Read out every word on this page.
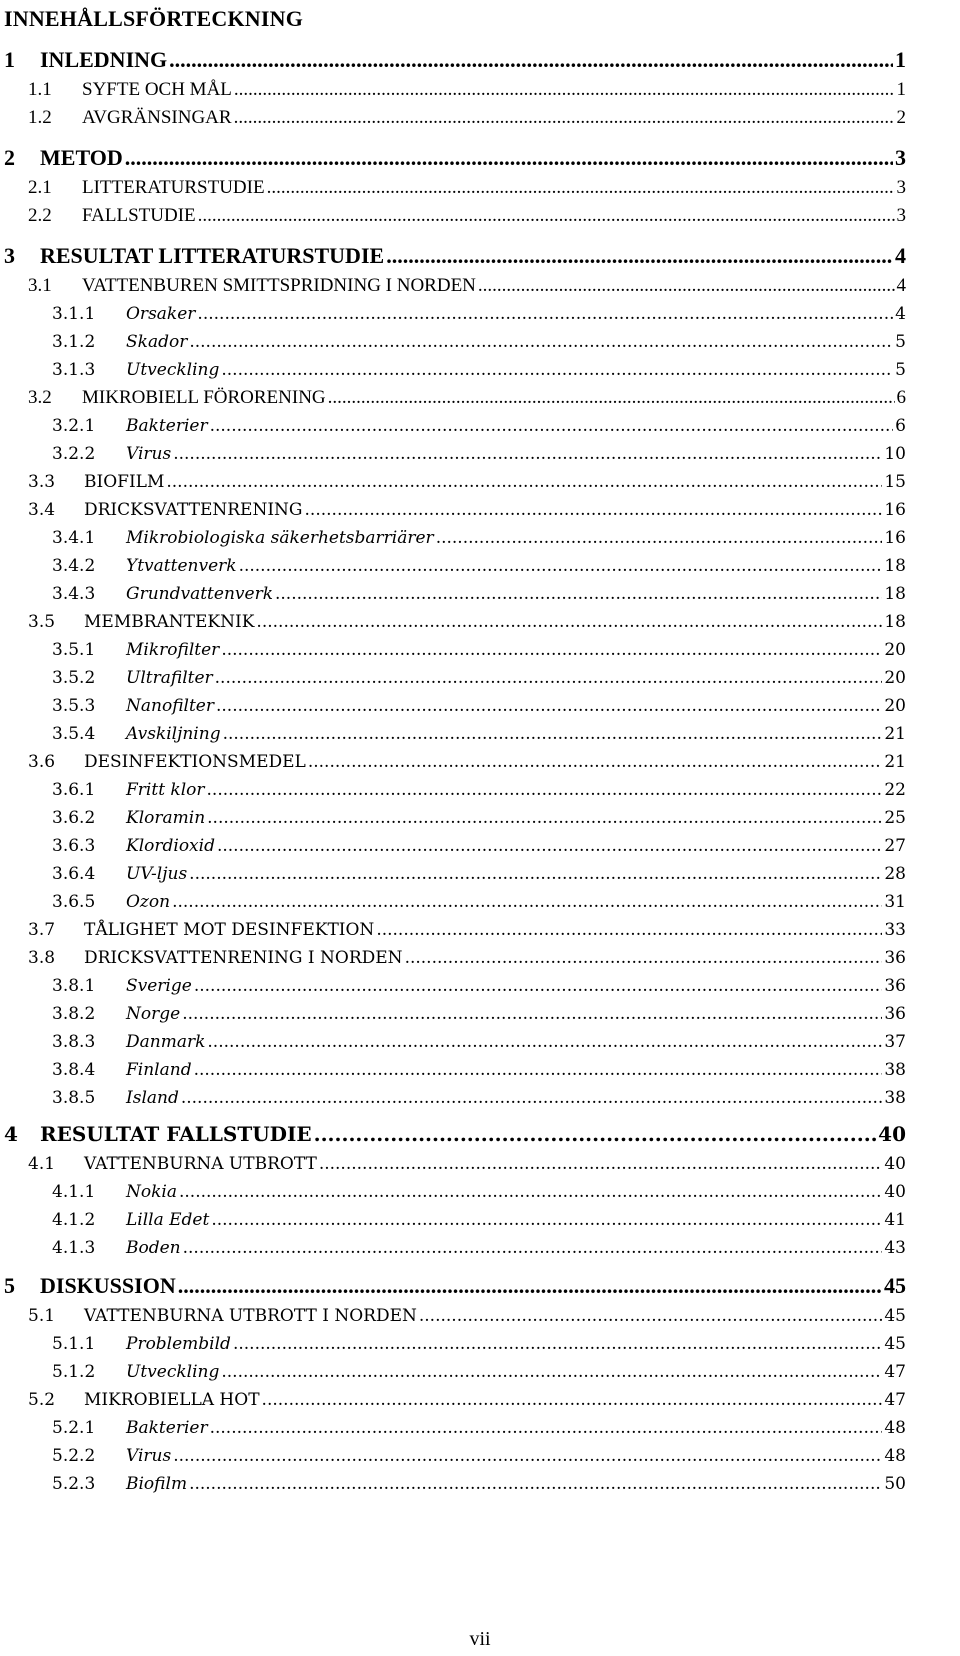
INNEHÅLLSFÖRTECKNING
1 INLEDNING .....	1
1.1 SYFTE OCH MÅL .....	1
1.2 AVGRÄNSINGAR .....	2
2 METOD .....	3
2.1 LITTERATURSTUDIE .....	3
2.2 FALLSTUDIE .....	3
3 RESULTAT LITTERATURSTUDIE .....	4
3.1 VATTENBUREN SMITTSPRIDNING I NORDEN .....	4
3.1.1 Orsaker .....	4
3.1.2 Skador .....	5
3.1.3 Utveckling .....	5
3.2 MIKROBIELL FÖRORENING .....	6
3.2.1 Bakterier .....	6
3.2.2 Virus .....	10
3.3 BIOFILM .....	15
3.4 DRICKSVATTENRENING .....	16
3.4.1 Mikrobiologiska säkerhetsbarriärer .....	16
3.4.2 Ytvattenverk .....	18
3.4.3 Grundvattenverk .....	18
3.5 MEMBRANTEKNIK .....	18
3.5.1 Mikrofilter .....	20
3.5.2 Ultrafilter .....	20
3.5.3 Nanofilter .....	20
3.5.4 Avskiljning .....	21
3.6 DESINFEKTIONSMEDEL .....	21
3.6.1 Fritt klor .....	22
3.6.2 Kloramin .....	25
3.6.3 Klordioxid .....	27
3.6.4 UV-ljus .....	28
3.6.5 Ozon .....	31
3.7 TÅLIGHET MOT DESINFEKTION .....	33
3.8 DRICKSVATTENRENING I NORDEN .....	36
3.8.1 Sverige .....	36
3.8.2 Norge .....	36
3.8.3 Danmark .....	37
3.8.4 Finland .....	38
3.8.5 Island .....	38
4 RESULTAT FALLSTUDIE .....	40
4.1 VATTENBURNA UTBROTT .....	40
4.1.1 Nokia .....	40
4.1.2 Lilla Edet .....	41
4.1.3 Boden .....	43
5 DISKUSSION .....	45
5.1 VATTENBURNA UTBROTT I NORDEN .....	45
5.1.1 Problembild .....	45
5.1.2 Utveckling .....	47
5.2 MIKROBIELLA HOT .....	47
5.2.1 Bakterier .....	48
5.2.2 Virus .....	48
5.2.3 Biofilm .....	50
vii
